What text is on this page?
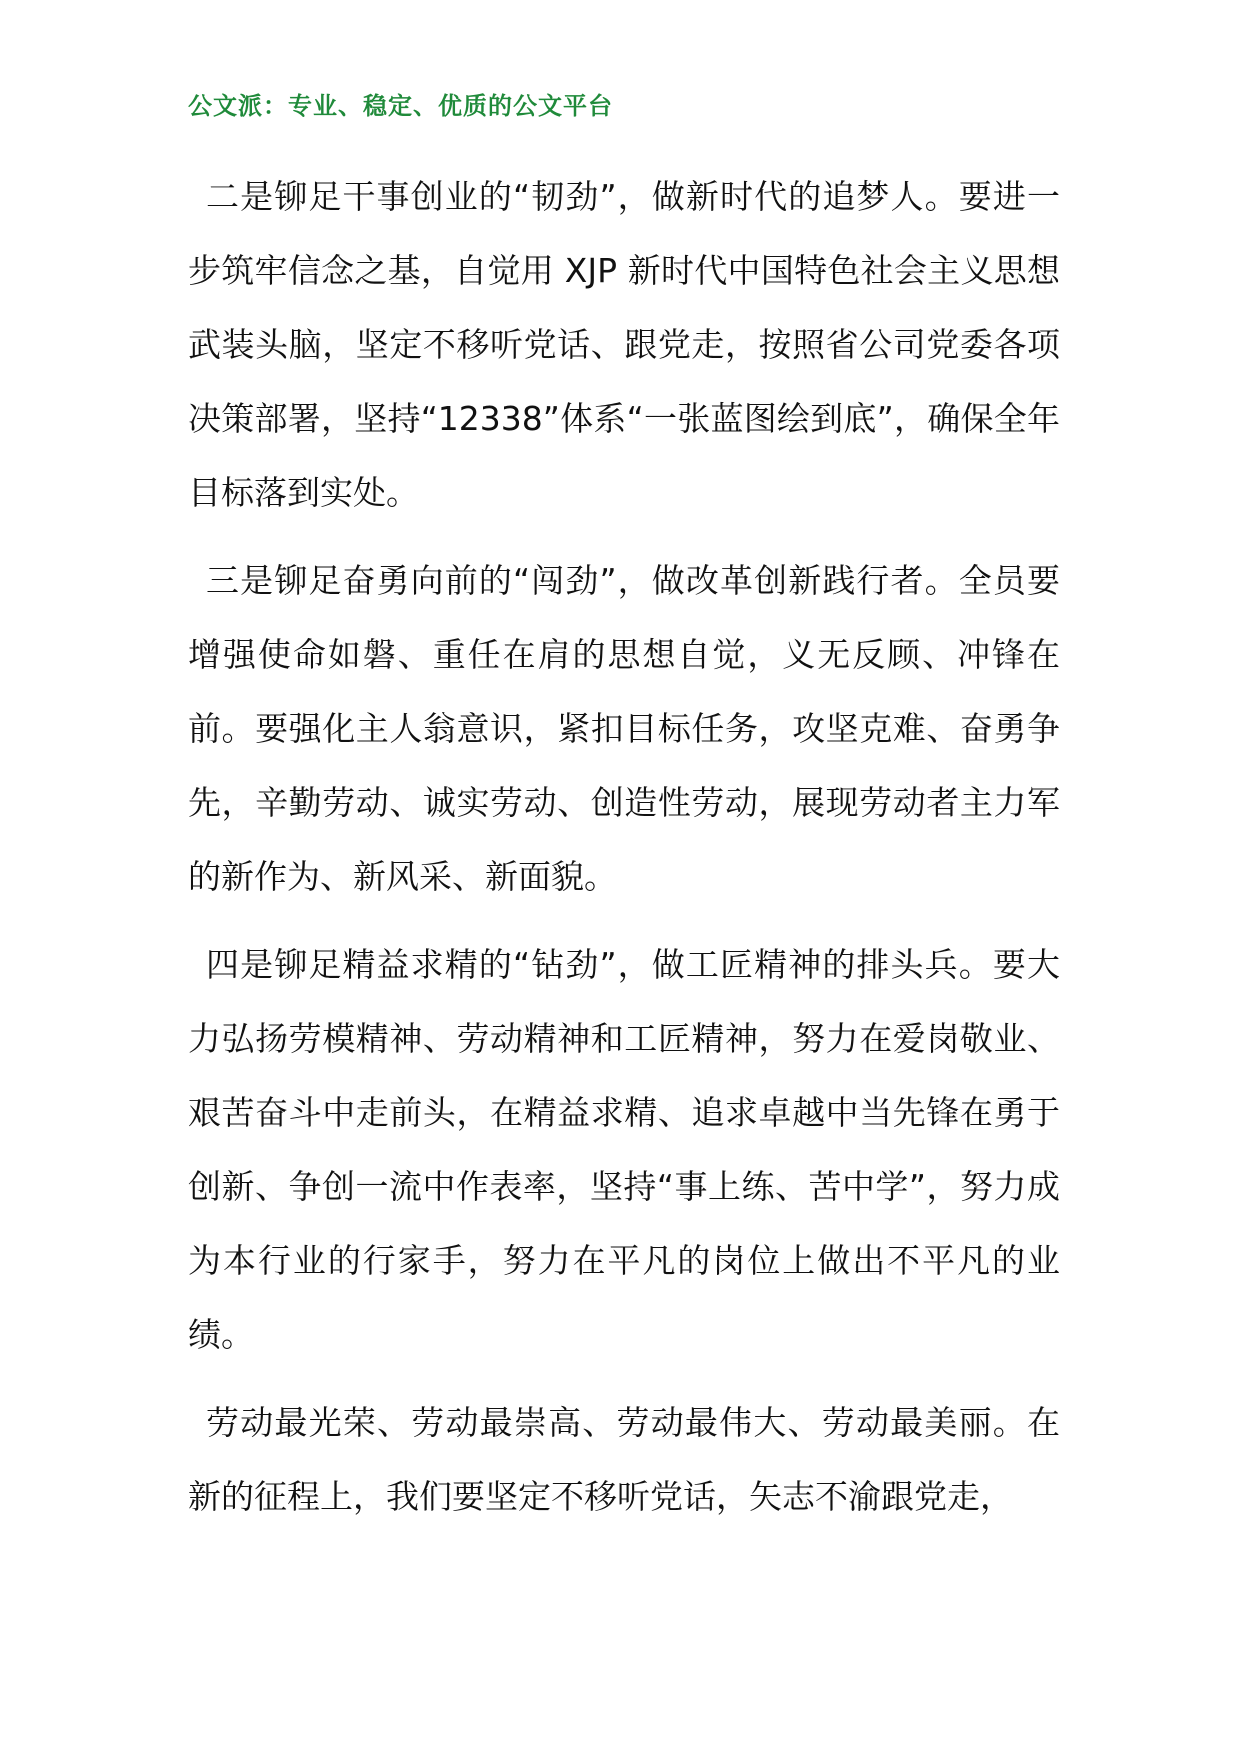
公文派：专业、稳定、优质的公文平台

二是铆足干事创业的“韧劲”，做新时代的追梦人。要进一步筑牢信念之基，自觉用 XJP 新时代中国特色社会主义思想武装头脑，坚定不移听党话、跟党走，按照省公司党委各项决策部署，坚持“12338”体系“一张蓝图绘到底”，确保全年目标落到实处。

三是铆足奋勇向前的“闯劲”，做改革创新践行者。全员要增强使命如磐、重任在肩的思想自觉，义无反顾、冲锋在前。要强化主人翁意识，紧扣目标任务，攻坚克难、奋勇争先，辛勤劳动、诚实劳动、创造性劳动，展现劳动者主力军的新作为、新风采、新面貌。

四是铆足精益求精的“钻劲”，做工匠精神的排头兵。要大力弘扬劳模精神、劳动精神和工匠精神，努力在爱岗敬业、艰苦奋斗中走前头，在精益求精、追求卓越中当先锋在勇于创新、争创一流中作表率，坚持“事上练、苦中学”，努力成为本行业的行家手，努力在平凡的岗位上做出不平凡的业绩。

劳动最光荣、劳动最崇高、劳动最伟大、劳动最美丽。在新的征程上，我们要坚定不移听党话，矢志不渝跟党走，
